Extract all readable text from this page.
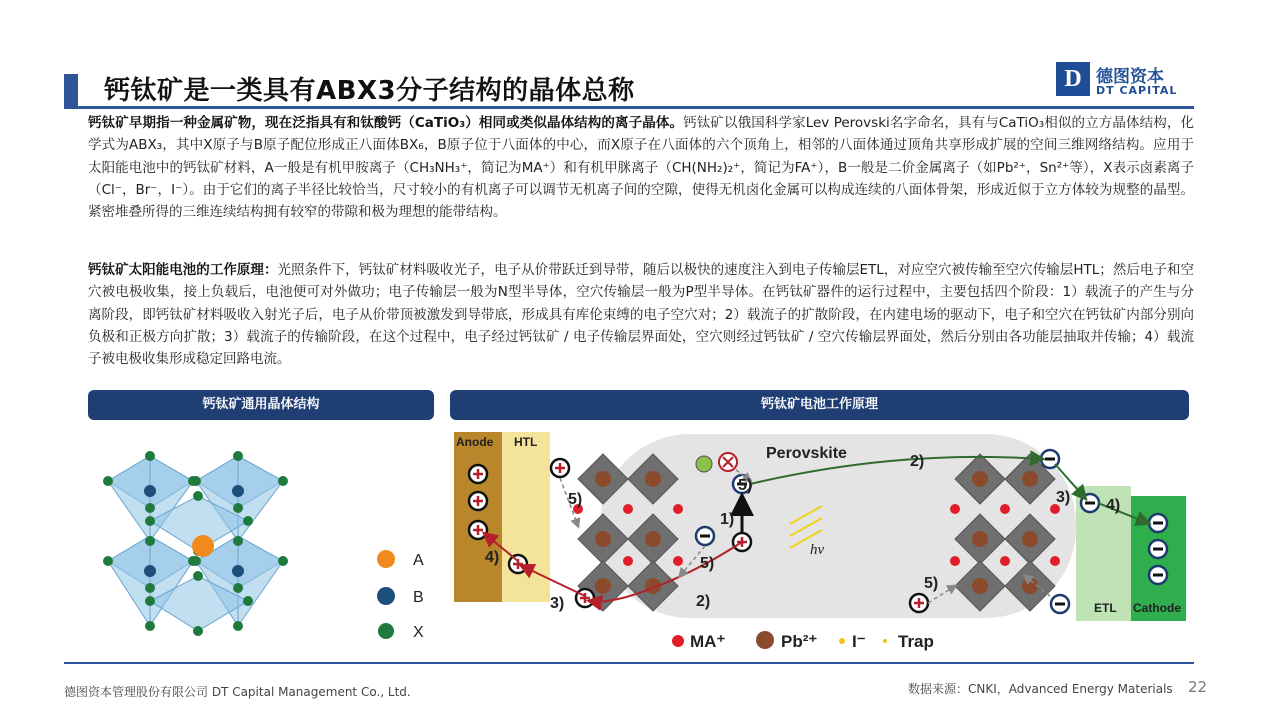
钙钛矿是一类具有ABX3分子结构的晶体总称	D 德图资本
DT CAPITAL
钙钛矿早期指一种金属矿物，现在泛指具有和钛酸钙（CaTiO₃）相同或类似晶体结构的离子晶体。钙钛矿以俄国科学家Lev Perovski名字命名，具有与CaTiO₃相似的立方晶体结构，化学式为ABX₃，其中X原子与B原子配位形成正八面体BX₆，B原子位于八面体的中心，而X原子在八面体的六个顶角上，相邻的八面体通过顶角共享形成扩展的空间三维网络结构。应用于太阳能电池中的钙钛矿材料，A一般是有机甲胺离子（CH₃NH₃⁺，简记为MA⁺）和有机甲脒离子（CH(NH₂)₂⁺，简记为FA⁺），B一般是二价金属离子（如Pb²⁺，Sn²⁺等），X表示卤素离子（Cl⁻，Br⁻，I⁻）。由于它们的离子半径比较恰当，尺寸较小的有机离子可以调节无机离子间的空隙，使得无机卤化金属可以构成连续的八面体骨架，形成近似于立方体较为规整的晶型。紧密堆叠所得的三维连续结构拥有较窄的带隙和极为理想的能带结构。
钙钛矿太阳能电池的工作原理：光照条件下，钙钛矿材料吸收光子，电子从价带跃迁到导带，随后以极快的速度注入到电子传输层ETL，对应空穴被传输至空穴传输层HTL；然后电子和空穴被电极收集，接上负载后，电池便可对外做功；电子传输层一般为N型半导体，空穴传输层一般为P型半导体。在钙钛矿器件的运行过程中，主要包括四个阶段：1）载流子的产生与分离阶段，即钙钛矿材料吸收入射光子后，电子从价带顶被激发到导带底，形成具有库伦束缚的电子空穴对；2）载流子的扩散阶段，在内建电场的驱动下，电子和空穴在钙钛矿内部分别向负极和正极方向扩散；3）载流子的传输阶段，在这个过程中，电子经过钙钛矿 / 电子传输层界面处，空穴则经过钙钛矿 / 空穴传输层界面处，然后分别由各功能层抽取并传输；4）载流子被电极收集形成稳定回路电流。
钙钛矿通用晶体结构	钙钛矿电池工作原理
A
B
X
Anode HTL
Perovskite
ETL Cathode
hν
1)
2)
2)
3)
3)
4)
4)
5)
5)
5)
5)
MA⁺	Pb²⁺ I⁻ Trap
德图资本管理股份有限公司 DT Capital Management Co., Ltd.	数据来源：CNKI，Advanced Energy Materials 22
